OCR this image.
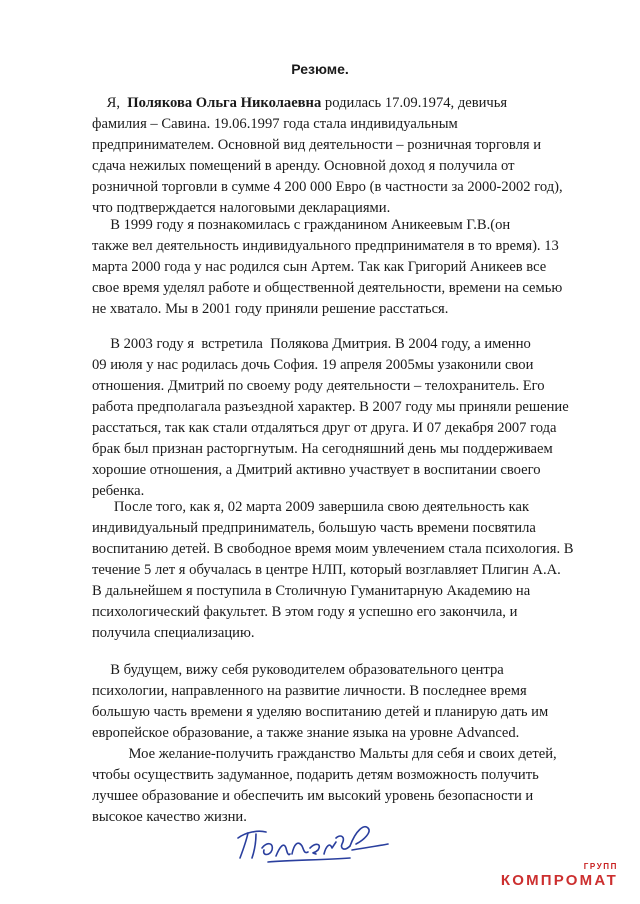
Резюме.

Я,  Полякова Ольга Николаевна родилась 17.09.1974, девичья
фамилия – Савина. 19.06.1997 года стала индивидуальным
предпринимателем. Основной вид деятельности – розничная торговля и
сдача нежилых помещений в аренду. Основной доход я получила от
розничной торговли в сумме 4 200 000 Евро (в частности за 2000-2002 год),
что подтверждается налоговыми декларациями.

В 1999 году я познакомилась с гражданином Аникеевым Г.В.(он
также вел деятельность индивидуального предпринимателя в то время). 13
марта 2000 года у нас родился сын Артем. Так как Григорий Аникеев все
свое время уделял работе и общественной деятельности, времени на семью
не хватало. Мы в 2001 году приняли решение расстаться.

В 2003 году я  встретила  Полякова Дмитрия. В 2004 году, а именно
09 июля у нас родилась дочь София. 19 апреля 2005мы узаконили свои
отношения. Дмитрий по своему роду деятельности – телохранитель. Его
работа предполагала разъездной характер. В 2007 году мы приняли решение
расстаться, так как стали отдаляться друг от друга. И 07 декабря 2007 года
брак был признан расторгнутым. На сегодняшний день мы поддерживаем
хорошие отношения, а Дмитрий активно участвует в воспитании своего
ребенка.

После того, как я, 02 марта 2009 завершила свою деятельность как
индивидуальный предприниматель, большую часть времени посвятила
воспитанию детей. В свободное время моим увлечением стала психология. В
течение 5 лет я обучалась в центре НЛП, который возглавляет Плигин А.А.
В дальнейшем я поступила в Столичную Гуманитарную Академию на
психологический факультет. В этом году я успешно его закончила, и
получила специализацию.

В будущем, вижу себя руководителем образовательного центра
психологии, направленного на развитие личности. В последнее время
большую часть времени я уделяю воспитанию детей и планирую дать им
европейское образование, а также знание языка на уровне Advanced.

Мое желание-получить гражданство Мальты для себя и своих детей,
чтобы осуществить задуманное, подарить детям возможность получить
лучшее образование и обеспечить им высокий уровень безопасности и
высокое качество жизни.

ГРУПП
КОМПРОМАТ
